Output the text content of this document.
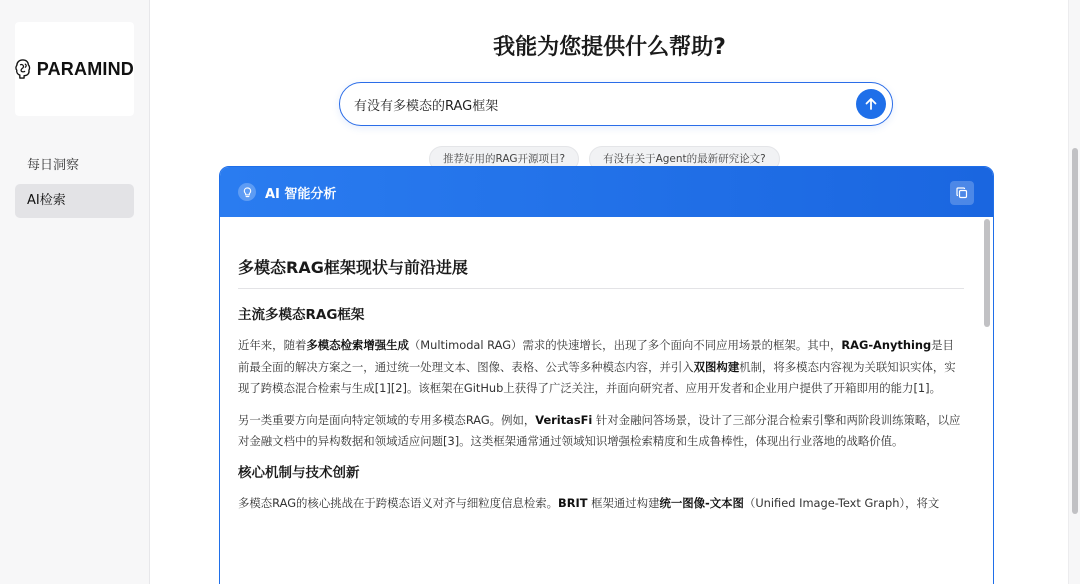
PARAMIND
每日洞察
AI检索
我能为您提供什么帮助?
有没有多模态的RAG框架
推荐好用的RAG开源项目?	有没有关于Agent的最新研究论文?
AI 智能分析
多模态RAG框架现状与前沿进展
主流多模态RAG框架

近年来，随着多模态检索增强生成（Multimodal RAG）需求的快速增长，出现了多个面向不同应用场景的框架。其中，RAG-Anything是目前最全面的解决方案之一，通过统一处理文本、图像、表格、公式等多种模态内容，并引入双图构建机制，将多模态内容视为关联知识实体，实现了跨模态混合检索与生成[1][2]。该框架在GitHub上获得了广泛关注，并面向研究者、应用开发者和企业用户提供了开箱即用的能力[1]。

另一类重要方向是面向特定领域的专用多模态RAG。例如，VeritasFi 针对金融问答场景，设计了三部分混合检索引擎和两阶段训练策略，以应对金融文档中的异构数据和领域适应问题[3]。这类框架通常通过领域知识增强检索精度和生成鲁棒性，体现出行业落地的战略价值。

核心机制与技术创新

多模态RAG的核心挑战在于跨模态语义对齐与细粒度信息检索。BRIT 框架通过构建统一图像-文本图（Unified Image-Text Graph），将文
